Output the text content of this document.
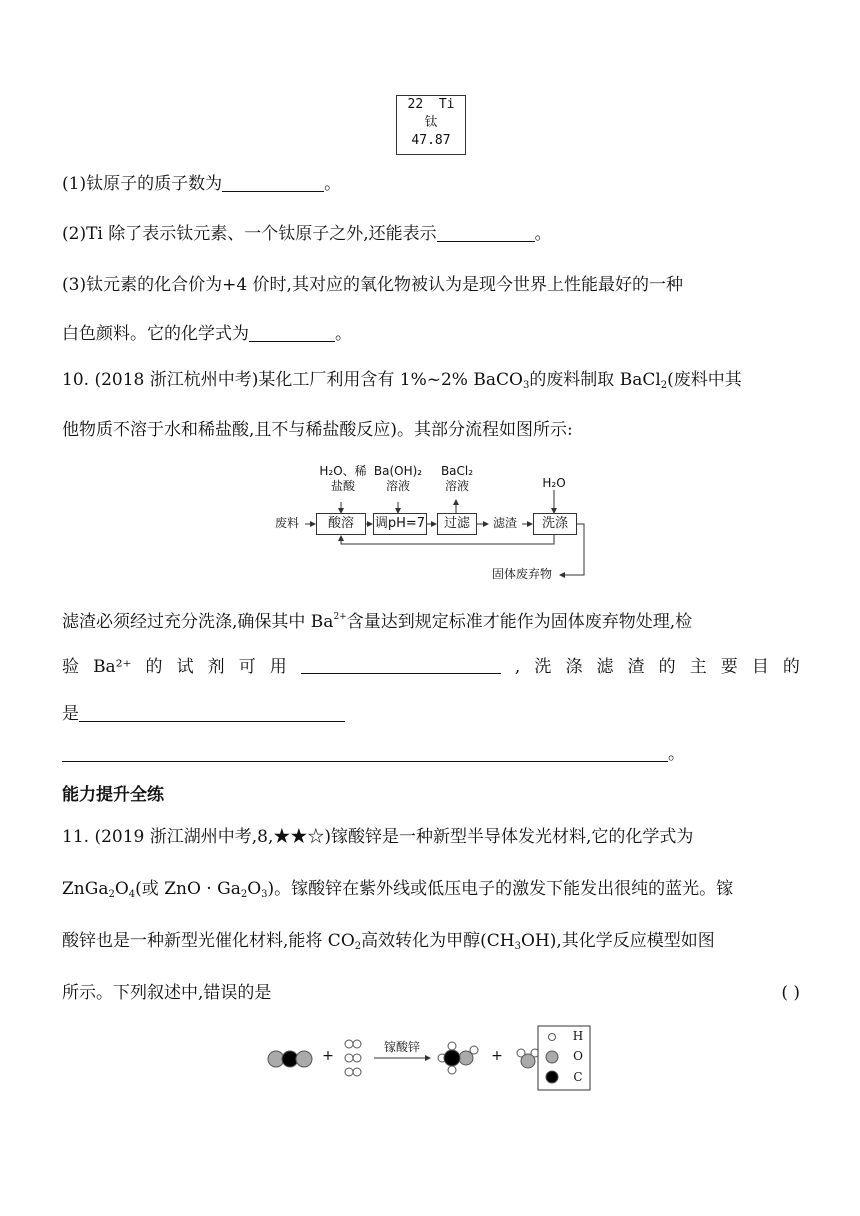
22 Ti
钛
47.87
(1)钛原子的质子数为	。
(2)Ti 除了表示钛元素、一个钛原子之外,还能表示	。
(3)钛元素的化合价为+4 价时,其对应的氧化物被认为是现今世界上性能最好的一种
白色颜料。它的化学式为	。
10. (2018 浙江杭州中考)某化工厂利用含有 1%~2% BaCO$_3$的废料制取 BaCl$_2$(废料中其
他物质不溶于水和稀盐酸,且不与稀盐酸反应)。其部分流程如图所示:
H₂O、稀
盐酸
Ba(OH)₂
溶液
BaCl₂
溶液	H₂O
废料	酸溶	调pH=7	过滤	滤渣	洗涤
固体废弃物
滤渣必须经过充分洗涤,确保其中 $Ba^{2+}$含量达到规定标准才能作为固体废弃物处理,检
验 Ba²⁺ 的 试 剂 可 用	, 洗 涤 滤 渣 的 主 要 目 的
是
。
能力提升全练
11. (2019 浙江湖州中考,8,★★☆)镓酸锌是一种新型半导体发光材料,它的化学式为
$ZnGa_2O_4$(或 ZnO · $Ga_2O_3$)。镓酸锌在紫外线或低压电子的激发下能发出很纯的蓝光。镓
酸锌也是一种新型光催化材料,能将 $CO_2$高效转化为甲醇$(CH_3OH)$,其化学反应模型如图
所示。下列叙述中,错误的是	( )
镓酸锌
+	+
H
O
C
